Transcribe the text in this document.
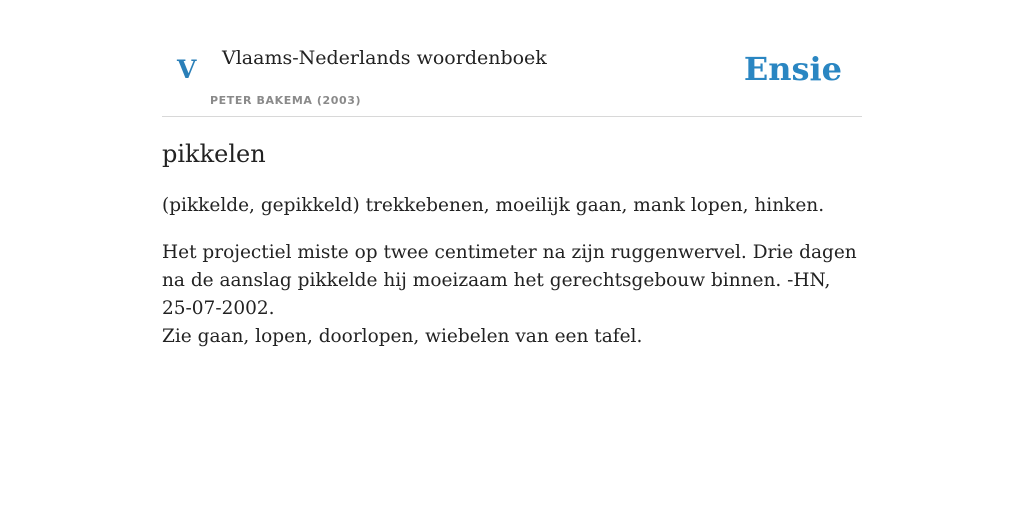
V Vlaams-Nederlands woordenboek
PETER BAKEMA (2003)
Ensie
pikkelen

(pikkelde, gepikkeld) trekkebenen, moeilijk gaan, mank lopen, hinken.

Het projectiel miste op twee centimeter na zijn ruggenwervel. Drie dagen na de aanslag pikkelde hij moeizaam het gerechtsgebouw binnen. -HN, 25-07-2002.

Zie gaan, lopen, doorlopen, wiebelen van een tafel.
